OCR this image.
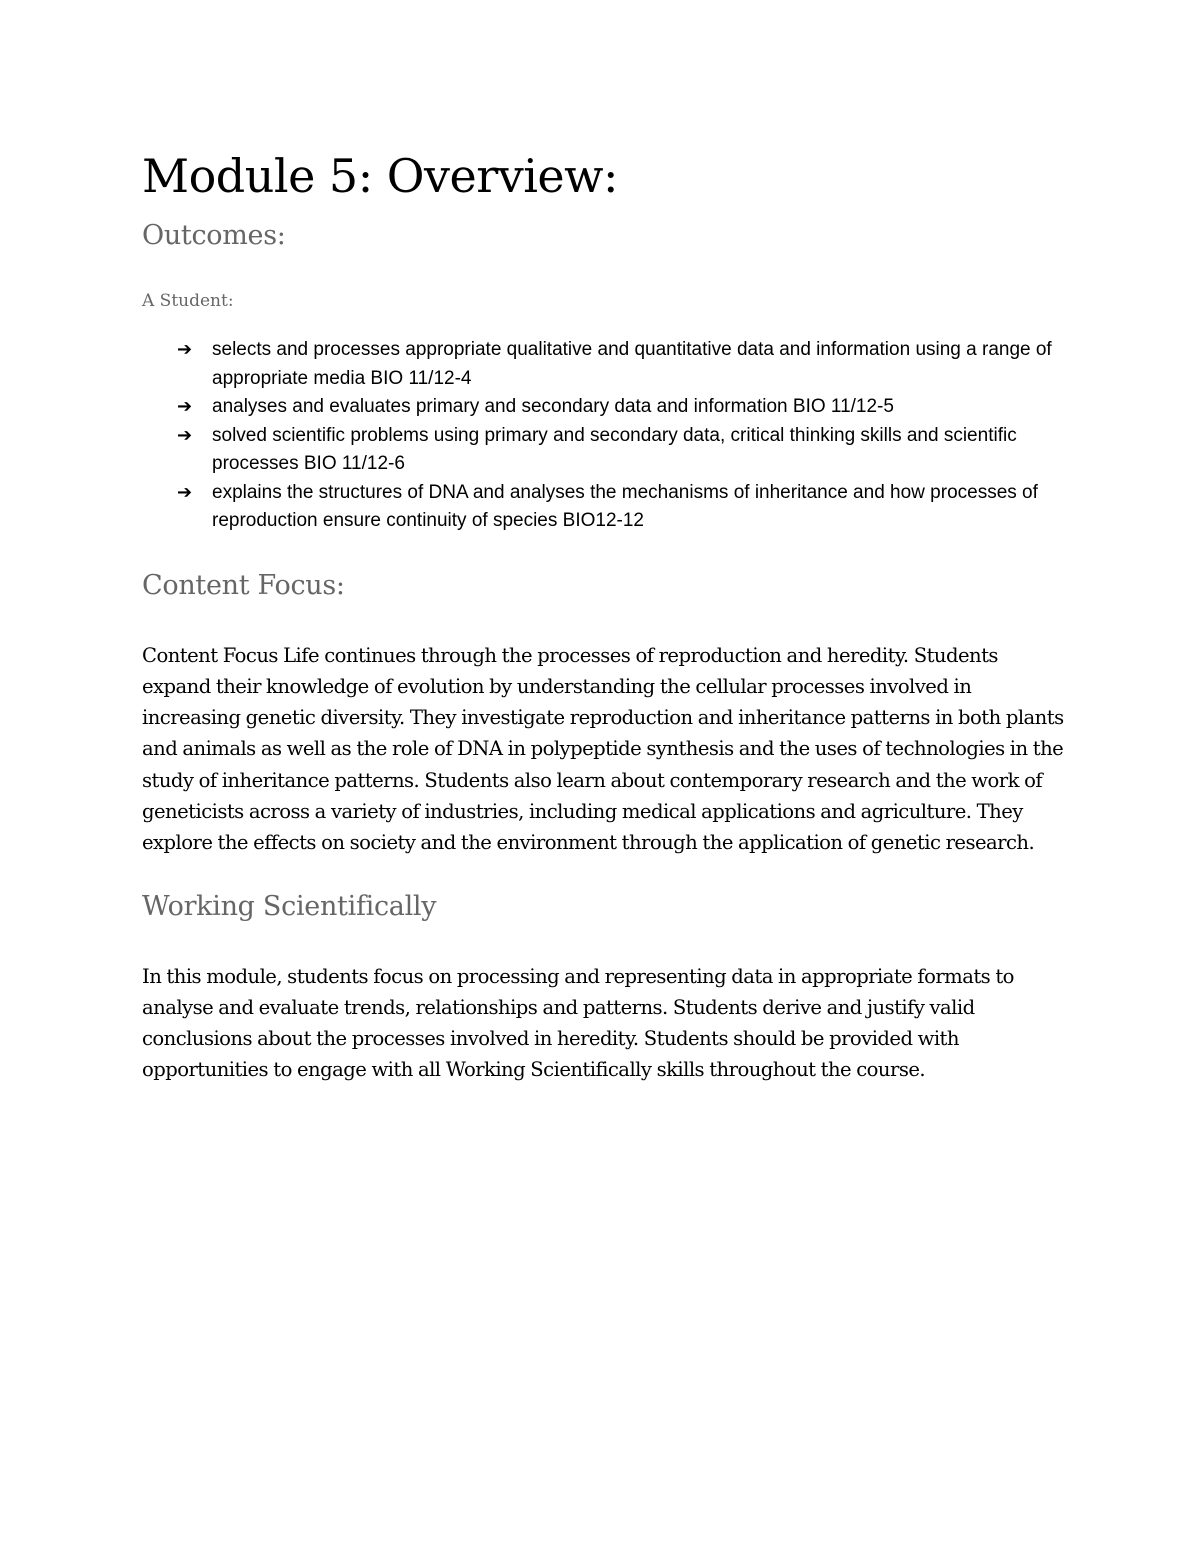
Module 5: Overview:
Outcomes:

A Student:

➔ selects and processes appropriate qualitative and quantitative data and information using a range of appropriate media BIO 11/12-4
➔ analyses and evaluates primary and secondary data and information BIO 11/12-5
➔ solved scientific problems using primary and secondary data, critical thinking skills and scientific processes BIO 11/12-6
➔ explains the structures of DNA and analyses the mechanisms of inheritance and how processes of reproduction ensure continuity of species BIO12-12
Content Focus:

Content Focus Life continues through the processes of reproduction and heredity. Students expand their knowledge of evolution by understanding the cellular processes involved in increasing genetic diversity. They investigate reproduction and inheritance patterns in both plants and animals as well as the role of DNA in polypeptide synthesis and the uses of technologies in the study of inheritance patterns. Students also learn about contemporary research and the work of geneticists across a variety of industries, including medical applications and agriculture. They explore the effects on society and the environment through the application of genetic research.

Working Scientifically

In this module, students focus on processing and representing data in appropriate formats to analyse and evaluate trends, relationships and patterns. Students derive and justify valid conclusions about the processes involved in heredity. Students should be provided with opportunities to engage with all Working Scientifically skills throughout the course.
